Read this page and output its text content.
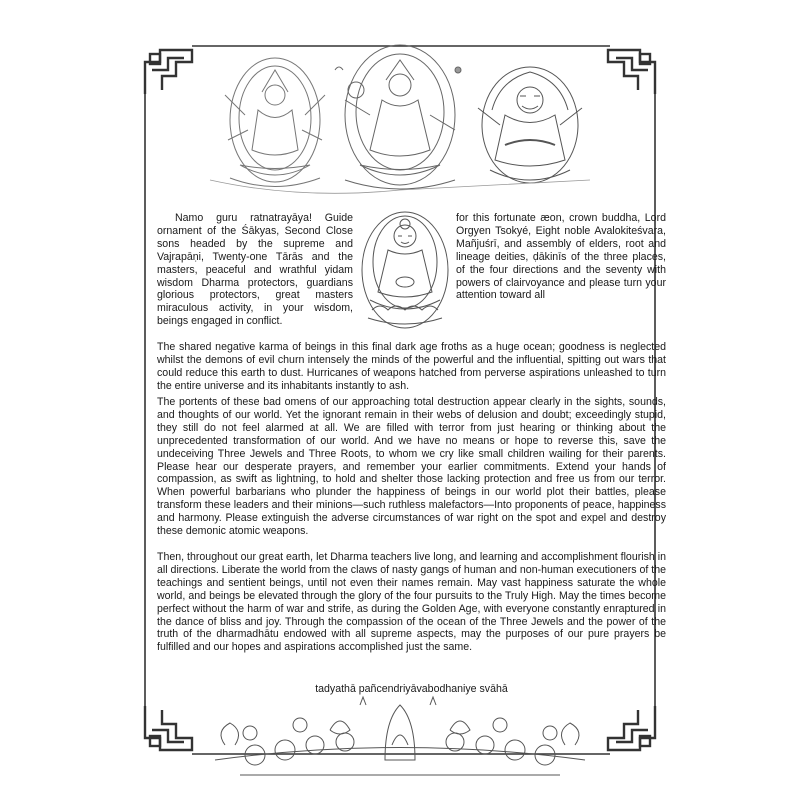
Namo guru ratnatrayāya! Guide ornament of the Śākyas, Second Close sons headed by the supreme and Vajrapāṇi, Twenty-one Tārās and the masters, peaceful and wrathful yidam wisdom Dharma protectors, guardians glorious protectors, great masters miraculous activity, in your wisdom, beings engaged in conflict.
for this fortunate æon, crown buddha, Lord Orgyen Tsokyé, Eight noble Avalokiteśvara, Mañjuśrī, and assembly of elders, root and lineage deities, ḍākinīs of the three places, of the four directions and the seventy with powers of clairvoyance and please turn your attention toward all
The shared negative karma of beings in this final dark age froths as a huge ocean; goodness is neglected whilst the demons of evil churn intensely the minds of the powerful and the influential, spitting out wars that could reduce this earth to dust. Hurricanes of weapons hatched from perverse aspirations unleashed to turn the entire universe and its inhabitants instantly to ash.
The portents of these bad omens of our approaching total destruction appear clearly in the sights, sounds, and thoughts of our world. Yet the ignorant remain in their webs of delusion and doubt; exceedingly stupid, they still do not feel alarmed at all. We are filled with terror from just hearing or thinking about the unprecedented transformation of our world. And we have no means or hope to reverse this, save the undeceiving Three Jewels and Three Roots, to whom we cry like small children wailing for their parents. Please hear our desperate prayers, and remember your earlier commitments. Extend your hands of compassion, as swift as lightning, to hold and shelter those lacking protection and free us from our terror. When powerful barbarians who plunder the happiness of beings in our world plot their battles, please transform these leaders and their minions—such ruthless malefactors—Into proponents of peace, happiness and harmony. Please extinguish the adverse circumstances of war right on the spot and expel and destroy these demonic atomic weapons.
Then, throughout our great earth, let Dharma teachers live long, and learning and accomplishment flourish in all directions. Liberate the world from the claws of nasty gangs of human and non-human executioners of the teachings and sentient beings, until not even their names remain. May vast happiness saturate the whole world, and beings be elevated through the glory of the four pursuits to the Truly High. May the times become perfect without the harm of war and strife, as during the Golden Age, with everyone constantly enraptured in the dance of bliss and joy. Through the compassion of the ocean of the Three Jewels and the power of the truth of the dharmadhātu endowed with all supreme aspects, may the purposes of our pure prayers be fulfilled and our hopes and aspirations accomplished just the same.
tadyathā pañcendriyāvabodhaniye svāhā
